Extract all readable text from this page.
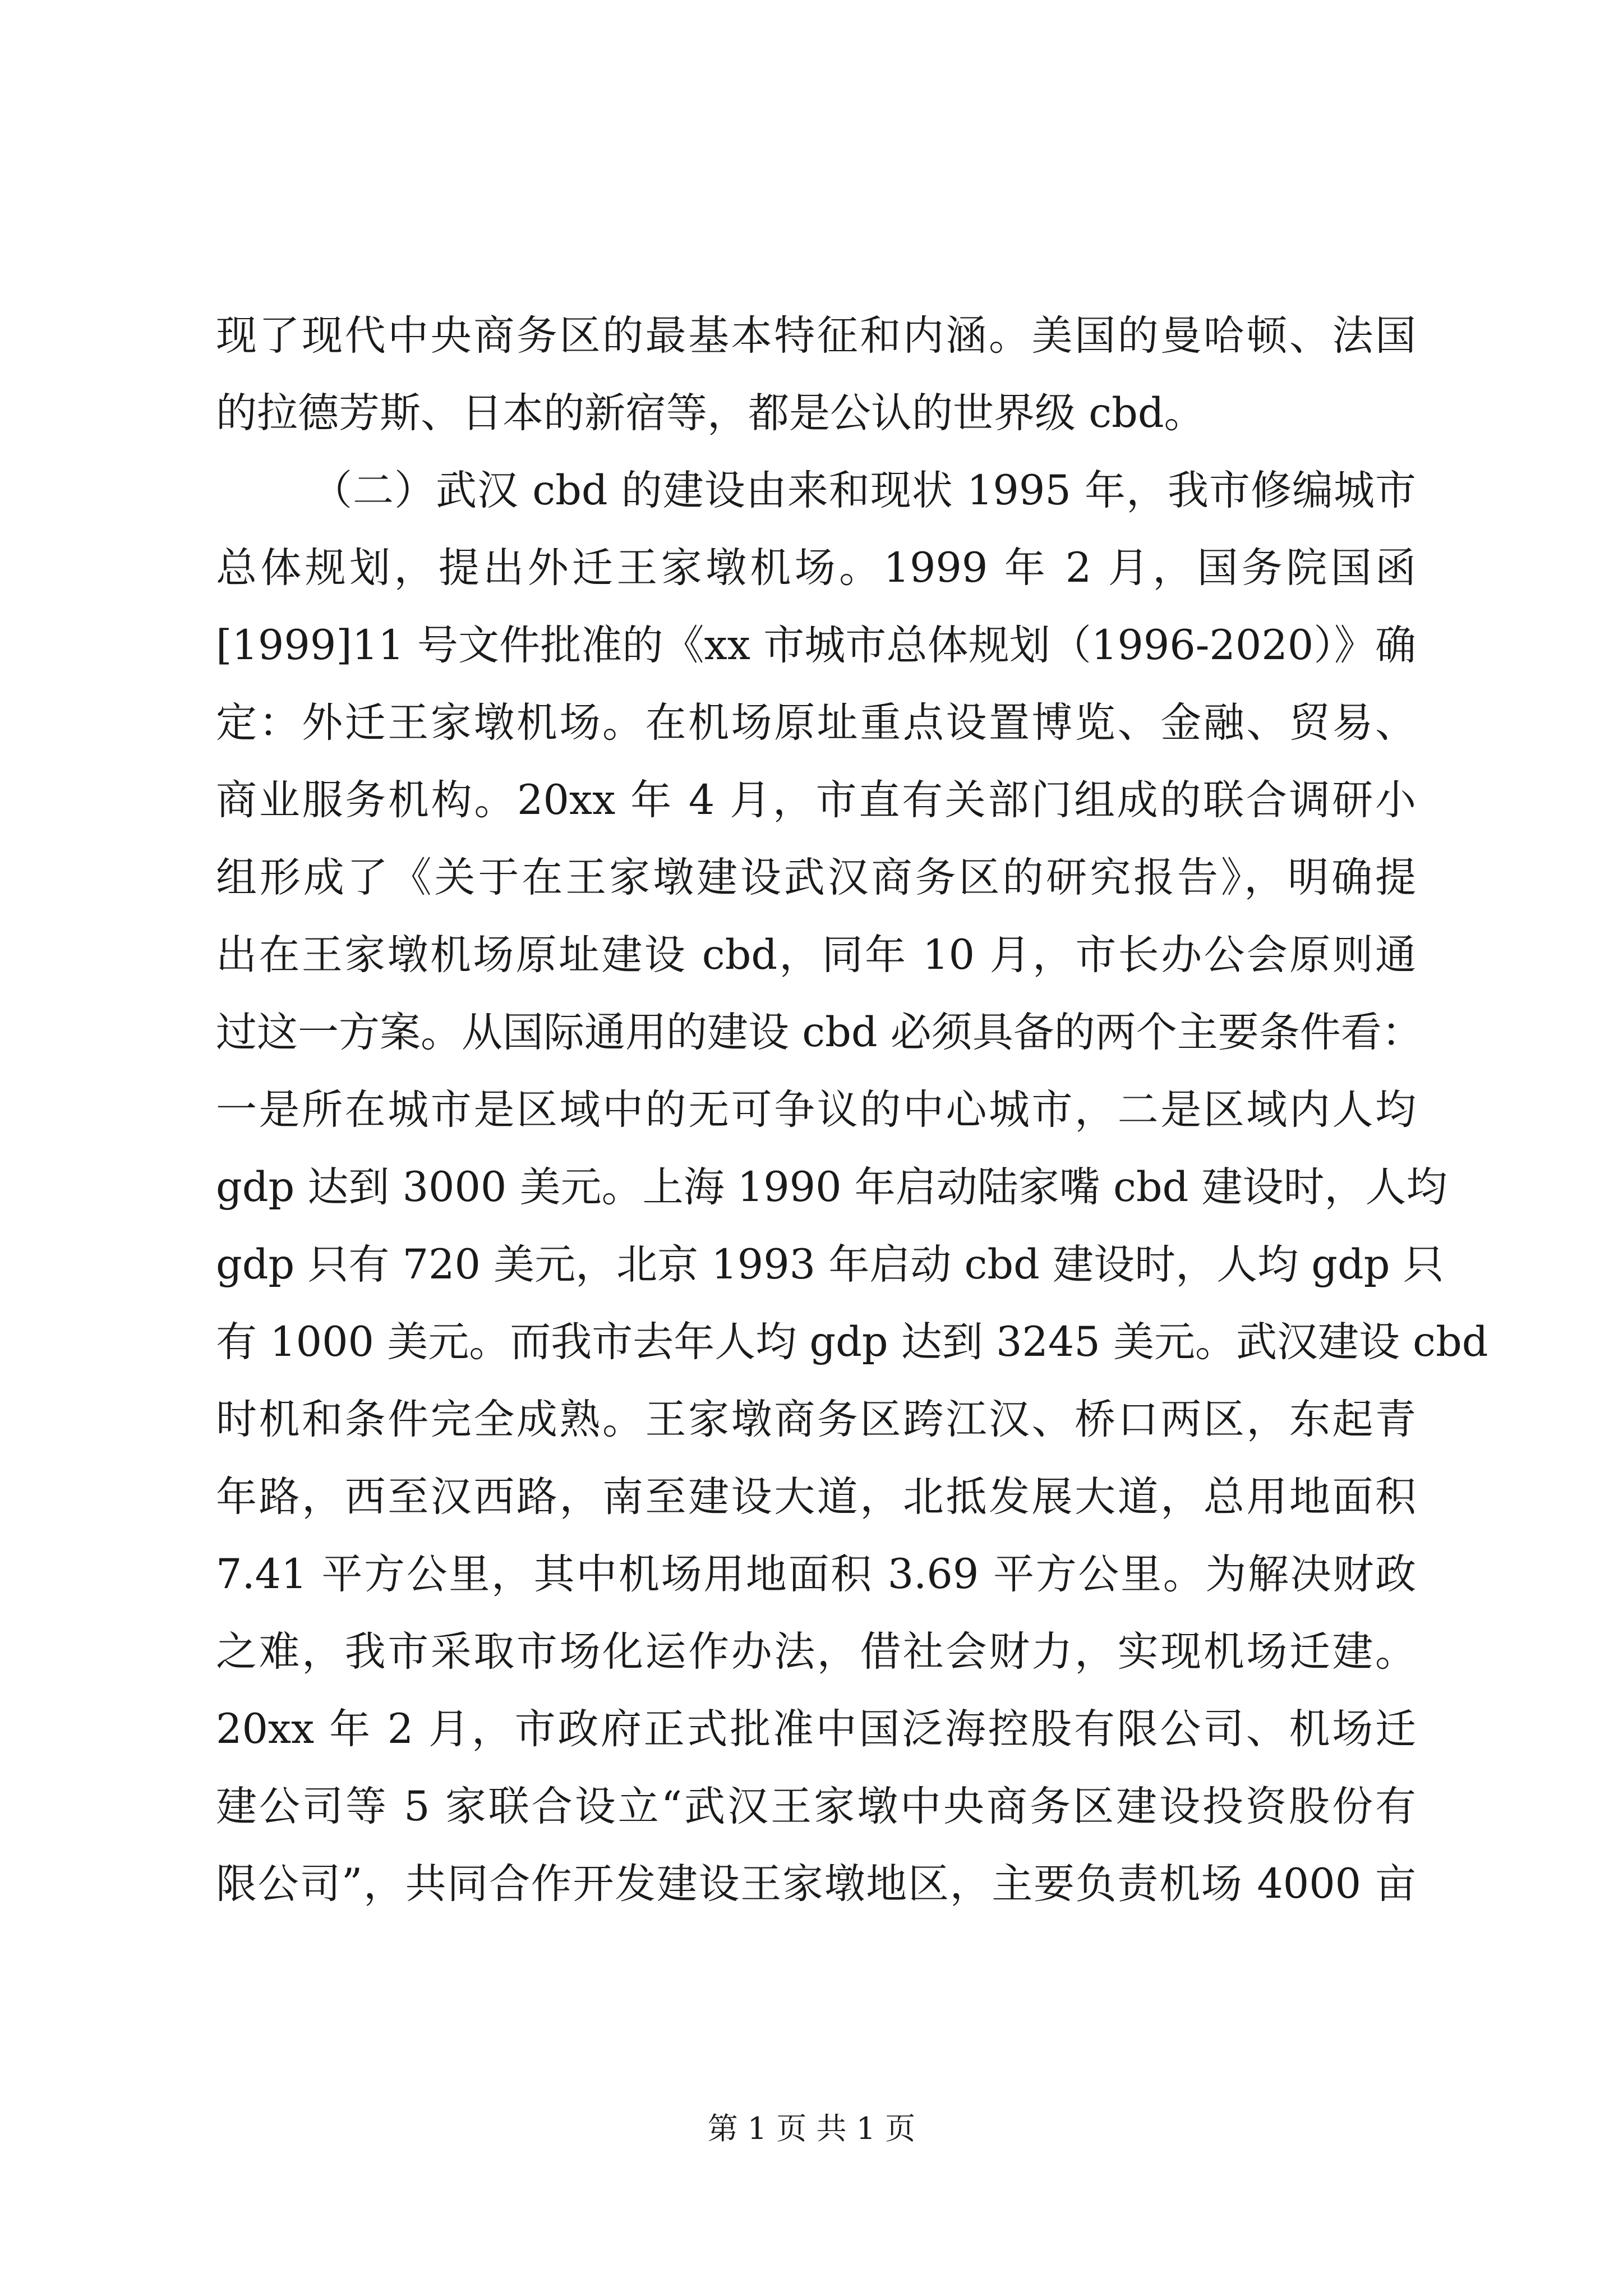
现了现代中央商务区的最基本特征和内涵。美国的曼哈顿、法国
的拉德芳斯、日本的新宿等，都是公认的世界级 cbd。
（二）武汉 cbd 的建设由来和现状 1995 年，我市修编城市
总体规划，提出外迁王家墩机场。1999 年 2 月，国务院国函
[1999]11 号文件批准的《xx 市城市总体规划（1996-2020）》确
定：外迁王家墩机场。在机场原址重点设置博览、金融、贸易、
商业服务机构。20xx 年 4 月，市直有关部门组成的联合调研小
组形成了《关于在王家墩建设武汉商务区的研究报告》，明确提
出在王家墩机场原址建设 cbd，同年 10 月，市长办公会原则通
过这一方案。从国际通用的建设 cbd 必须具备的两个主要条件看：
一是所在城市是区域中的无可争议的中心城市，二是区域内人均
gdp 达到 3000 美元。上海 1990 年启动陆家嘴 cbd 建设时，人均
gdp 只有 720 美元，北京 1993 年启动 cbd 建设时，人均 gdp 只
有 1000 美元。而我市去年人均 gdp 达到 3245 美元。武汉建设 cbd
时机和条件完全成熟。王家墩商务区跨江汉、桥口两区，东起青
年路，西至汉西路，南至建设大道，北抵发展大道，总用地面积
7.41 平方公里，其中机场用地面积 3.69 平方公里。为解决财政
之难，我市采取市场化运作办法，借社会财力，实现机场迁建。
20xx 年 2 月，市政府正式批准中国泛海控股有限公司、机场迁
建公司等 5 家联合设立“武汉王家墩中央商务区建设投资股份有
限公司”，共同合作开发建设王家墩地区，主要负责机场 4000 亩
第 1 页 共 1 页
